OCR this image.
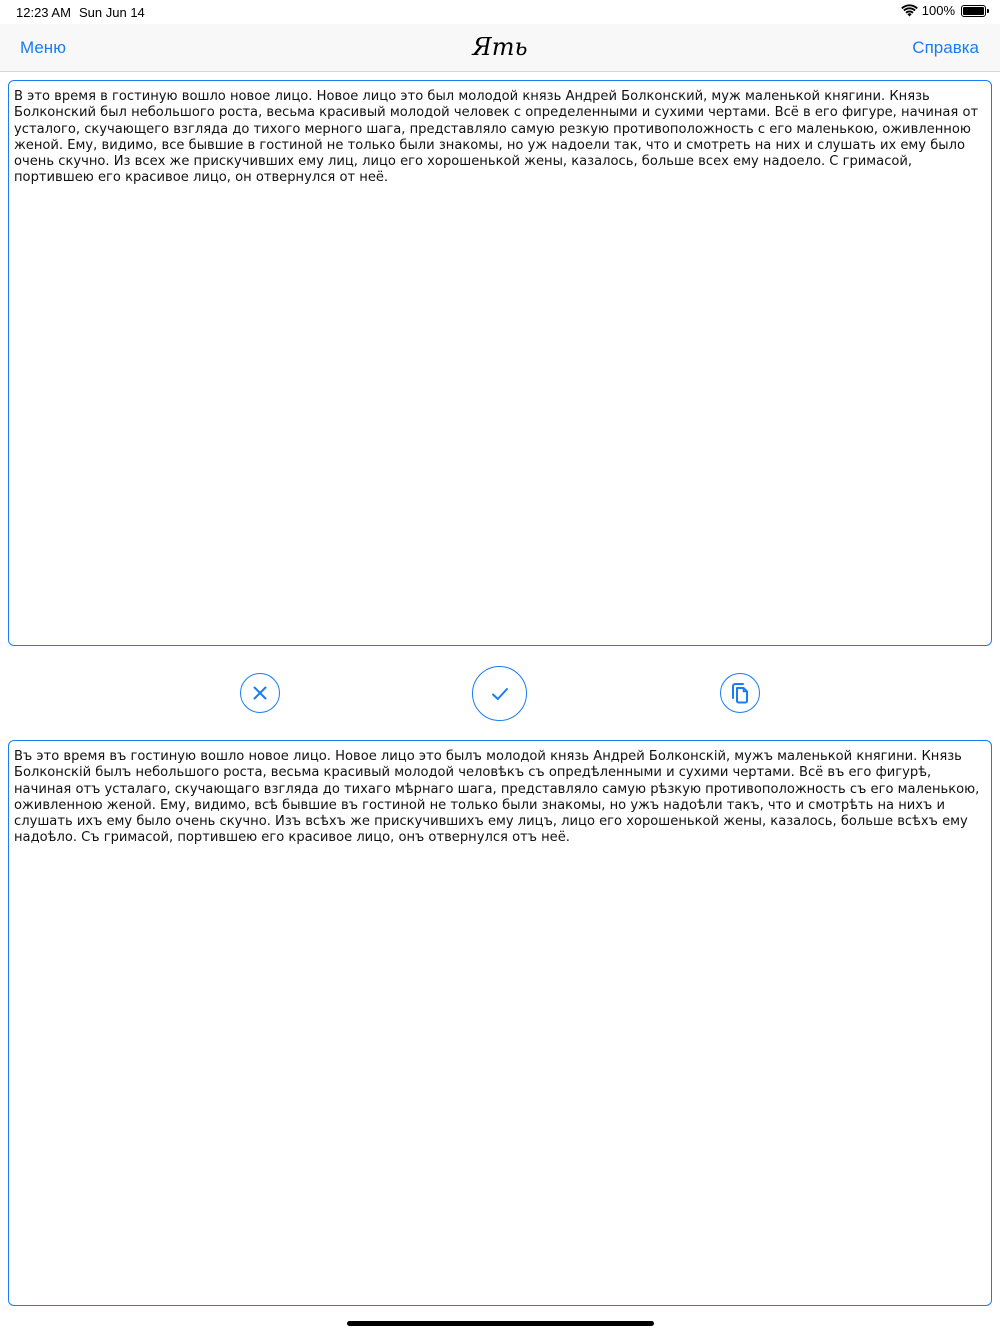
12:23 AM Sun Jun 14	100%
Меню	Ять	Справка
В это время в гостиную вошло новое лицо. Новое лицо это был молодой князь Андрей Болконский, муж маленькой княгини. Князь Болконский был небольшого роста, весьма красивый молодой человек с определенными и сухими чертами. Всё в его фигуре, начиная от усталого, скучающего взгляда до тихого мерного шага, представляло самую резкую противоположность с его маленькою, оживленною женой. Ему, видимо, все бывшие в гостиной не только были знакомы, но уж надоели так, что и смотреть на них и слушать их ему было очень скучно. Из всех же прискучивших ему лиц, лицо его хорошенькой жены, казалось, больше всех ему надоело. С гримасой, портившею его красивое лицо, он отвернулся от неё.
Въ это время въ гостиную вошло новое лицо. Новое лицо это былъ молодой князь Андрей Болконскій, мужъ маленькой княгини. Князь Болконскій былъ небольшого роста, весьма красивый молодой человѣкъ съ опредѣленными и сухими чертами. Всё въ его фигурѣ, начиная отъ усталаго, скучающаго взгляда до тихаго мѣрнаго шага, представляло самую рѣзкую противоположность съ его маленькою, оживленною женой. Ему, видимо, всѣ бывшие въ гостиной не только были знакомы, но ужъ надоѣли такъ, что и смотрѣть на нихъ и слушать ихъ ему было очень скучно. Изъ всѣхъ же прискучившихъ ему лицъ, лицо его хорошенькой жены, казалось, больше всѣхъ ему надоѣло. Съ гримасой, портившею его красивое лицо, онъ отвернулся отъ неё.
